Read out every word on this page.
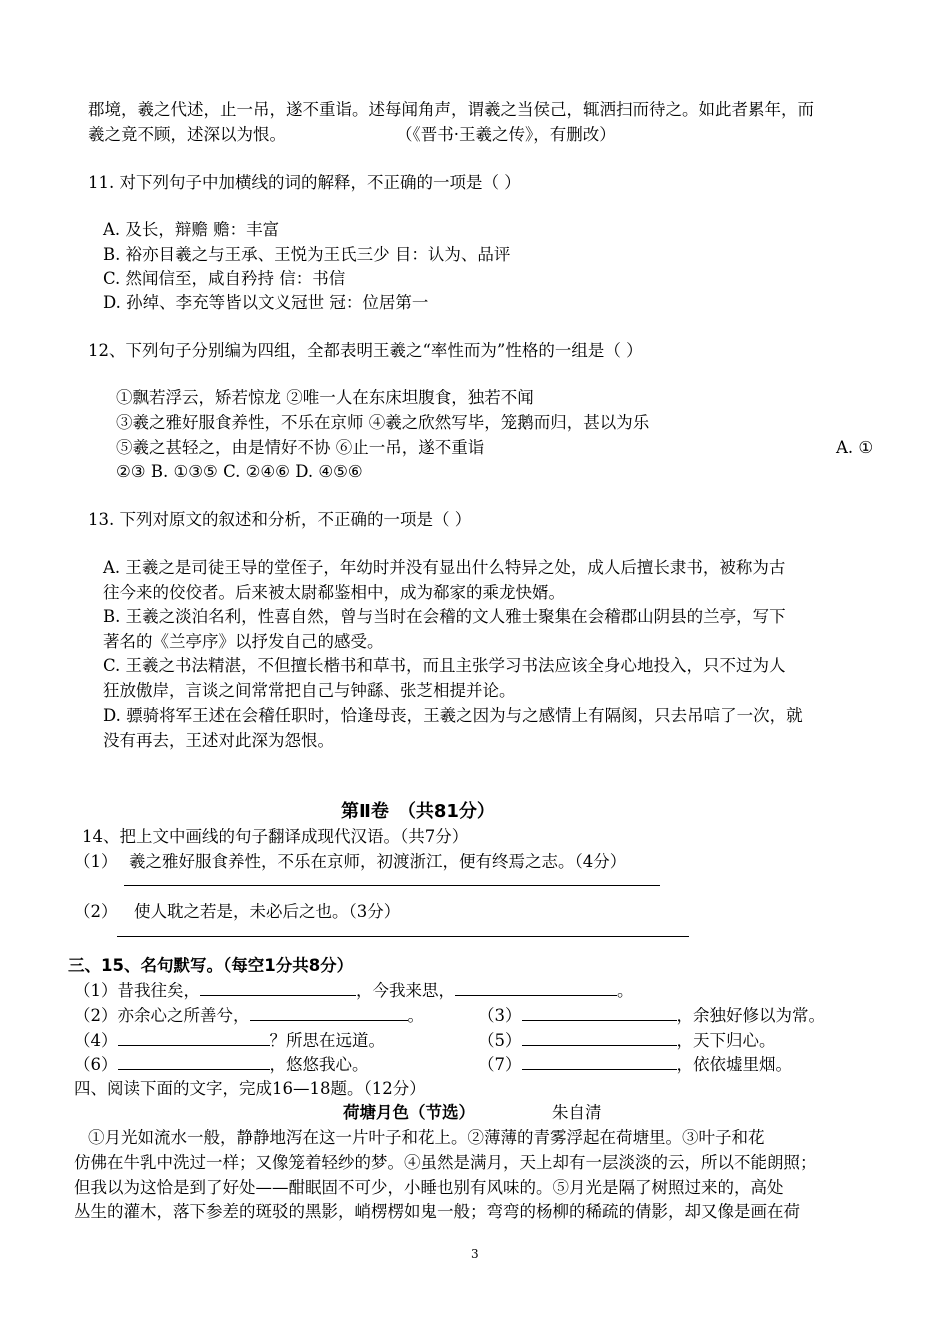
郡境，羲之代述，止一吊，遂不重诣。述每闻角声，谓羲之当侯己，辄洒扫而待之。如此者累年，而
羲之竟不顾，述深以为恨。	（《晋书·王羲之传》，有删改）
11. 对下列句子中加横线的词的解释，不正确的一项是（ ）
A. 及长，辩赡 赡：丰富
B. 裕亦目羲之与王承、王悦为王氏三少 目：认为、品评
C. 然闻信至，咸自矜持 信：书信
D. 孙绰、李充等皆以文义冠世 冠：位居第一
12、下列句子分别编为四组，全都表明王羲之“率性而为”性格的一组是（ ）
①飘若浮云，矫若惊龙 ②唯一人在东床坦腹食，独若不闻
③羲之雅好服食养性，不乐在京师 ④羲之欣然写毕，笼鹅而归，甚以为乐
⑤羲之甚轻之，由是情好不协 ⑥止一吊，遂不重诣	A. ①
②③ B. ①③⑤ C. ②④⑥ D. ④⑤⑥
13. 下列对原文的叙述和分析，不正确的一项是（ ）
A. 王羲之是司徒王导的堂侄子，年幼时并没有显出什么特异之处，成人后擅长隶书，被称为古
往今来的佼佼者。后来被太尉郗鉴相中，成为郗家的乘龙快婿。
B. 王羲之淡泊名利，性喜自然，曾与当时在会稽的文人雅士聚集在会稽郡山阴县的兰亭，写下
著名的《兰亭序》以抒发自己的感受。
C. 王羲之书法精湛，不但擅长楷书和草书，而且主张学习书法应该全身心地投入，只不过为人
狂放傲岸，言谈之间常常把自己与钟繇、张芝相提并论。
D. 骠骑将军王述在会稽任职时，恰逢母丧，王羲之因为与之感情上有隔阂，只去吊唁了一次，就
没有再去，王述对此深为怨恨。
第Ⅱ卷　（共81分）
14、把上文中画线的句子翻译成现代汉语。（共7分）
（1） 羲之雅好服食养性，不乐在京师，初渡浙江，便有终焉之志。（4分）
（2） 使人耽之若是，未必后之也。（3分）
三、15、名句默写。（每空1分共8分）
（1）昔我往矣，	，今我来思，	。
（2）亦余心之所善兮，	。	（3）	，余独好修以为常。
（4）	？所思在远道。	（5）	，天下归心。
（6）	，悠悠我心。	（7）	，依依墟里烟。
四、阅读下面的文字，完成16—18题。（12分）
荷塘月色（节选）	朱自清
①月光如流水一般，静静地泻在这一片叶子和花上。②薄薄的青雾浮起在荷塘里。③叶子和花
仿佛在牛乳中洗过一样；又像笼着轻纱的梦。④虽然是满月，天上却有一层淡淡的云，所以不能朗照；
但我以为这恰是到了好处——酣眠固不可少，小睡也别有风味的。⑤月光是隔了树照过来的，高处
丛生的灌木，落下参差的斑驳的黑影，峭楞楞如鬼一般；弯弯的杨柳的稀疏的倩影，却又像是画在荷
3
